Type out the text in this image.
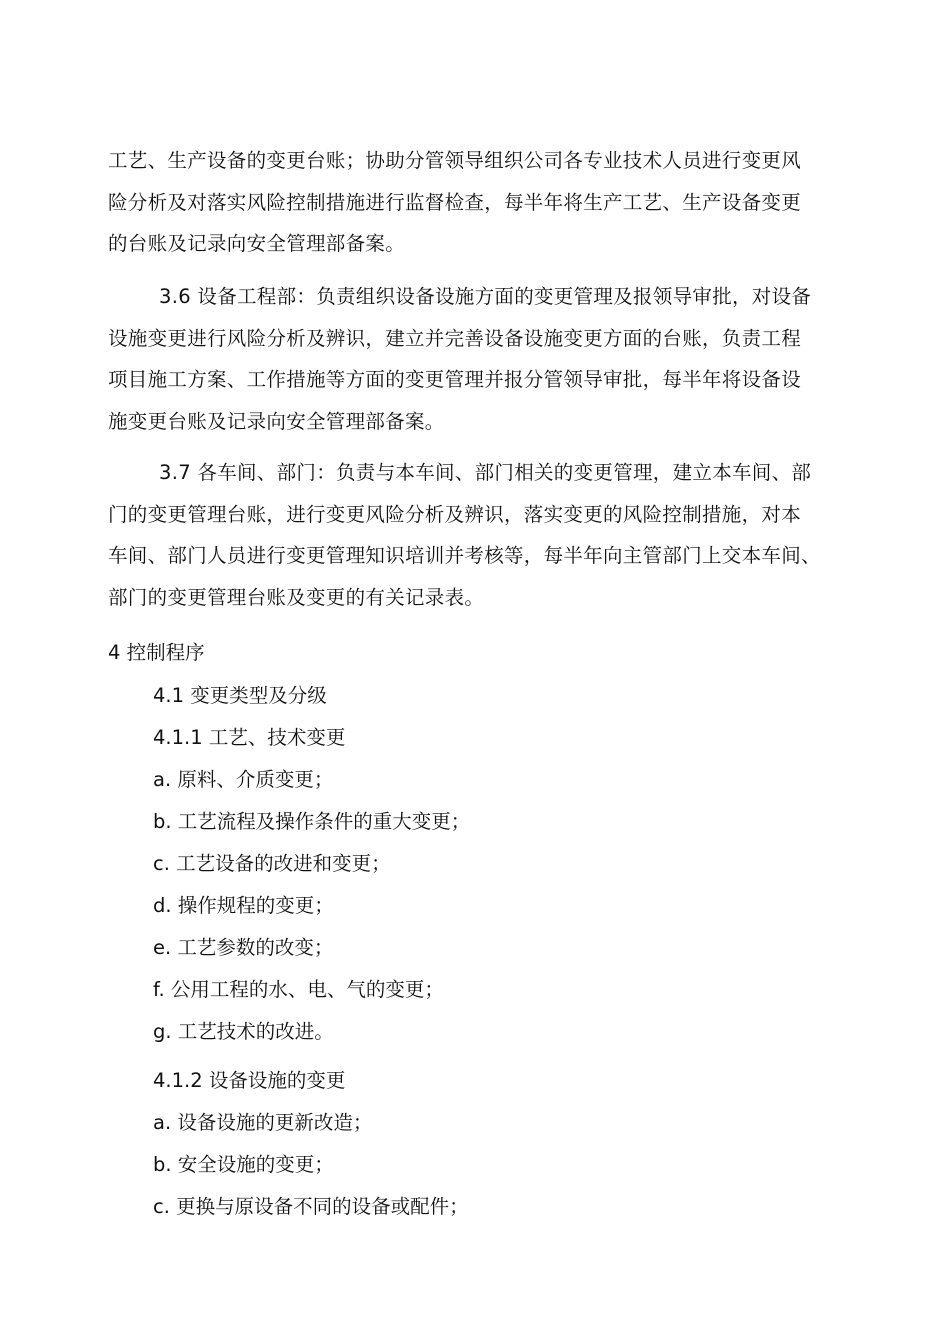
工艺、生产设备的变更台账；协助分管领导组织公司各专业技术人员进行变更风
险分析及对落实风险控制措施进行监督检查，每半年将生产工艺、生产设备变更
的台账及记录向安全管理部备案。
3.6 设备工程部：负责组织设备设施方面的变更管理及报领导审批，对设备
设施变更进行风险分析及辨识，建立并完善设备设施变更方面的台账，负责工程
项目施工方案、工作措施等方面的变更管理并报分管领导审批，每半年将设备设
施变更台账及记录向安全管理部备案。
3.7 各车间、部门：负责与本车间、部门相关的变更管理，建立本车间、部
门的变更管理台账，进行变更风险分析及辨识，落实变更的风险控制措施，对本
车间、部门人员进行变更管理知识培训并考核等，每半年向主管部门上交本车间、
部门的变更管理台账及变更的有关记录表。

4 控制程序

4.1 变更类型及分级

4.1.1 工艺、技术变更

a. 原料、介质变更；

b. 工艺流程及操作条件的重大变更；

c. 工艺设备的改进和变更；

d. 操作规程的变更；

e. 工艺参数的改变；

f. 公用工程的水、电、气的变更；

g. 工艺技术的改进。

4.1.2 设备设施的变更

a. 设备设施的更新改造；

b. 安全设施的变更；

c. 更换与原设备不同的设备或配件；
